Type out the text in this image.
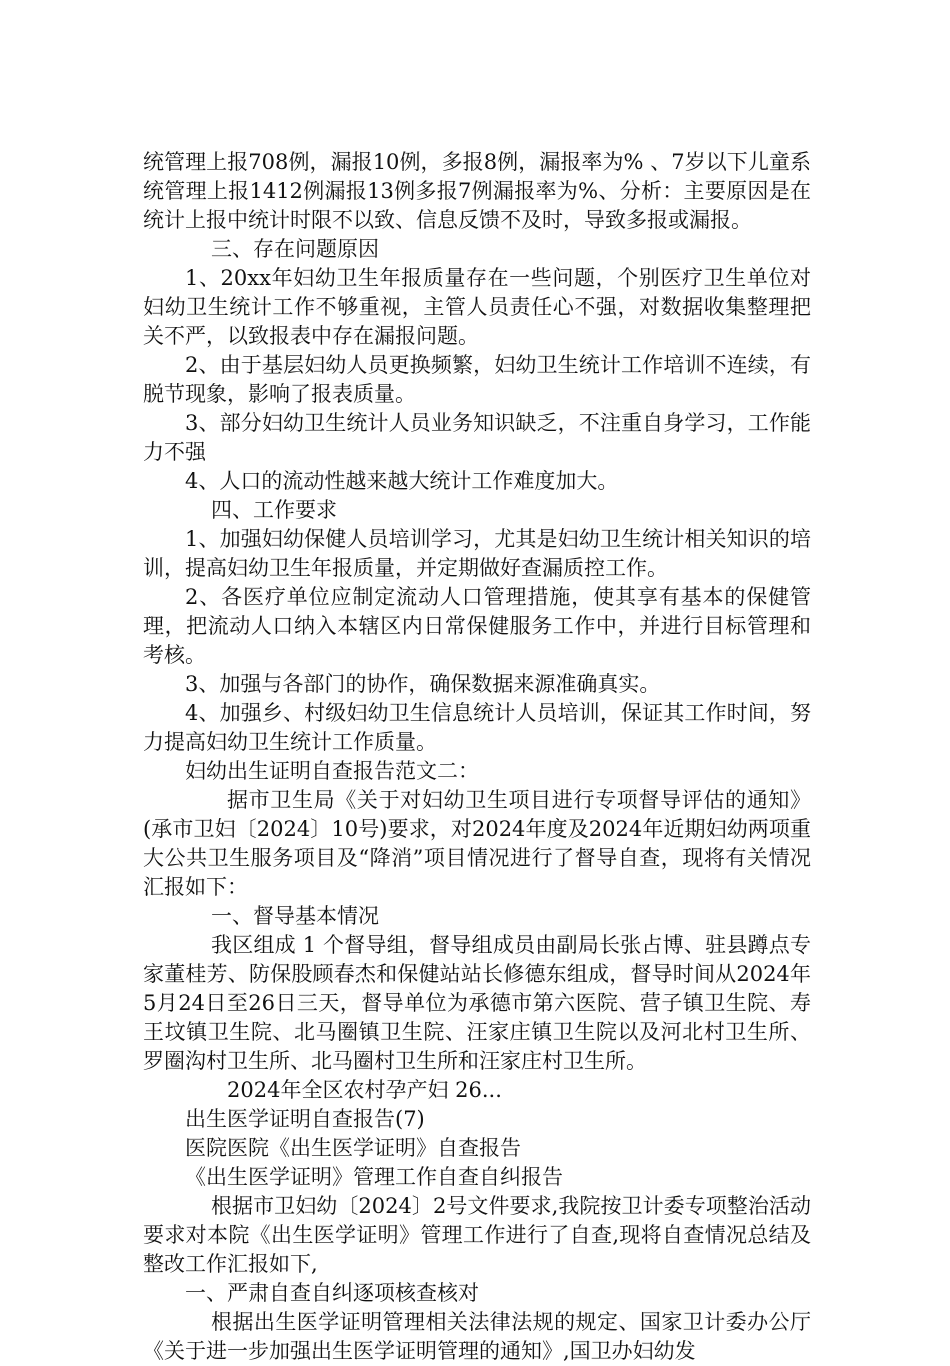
统管理上报708例，漏报10例，多报8例，漏报率为% 、7岁以下儿童系统管理上报1412例漏报13例多报7例漏报率为%、分析：主要原因是在统计上报中统计时限不以致、信息反馈不及时，导致多报或漏报。

三、存在问题原因

1、20xx年妇幼卫生年报质量存在一些问题，个别医疗卫生单位对妇幼卫生统计工作不够重视，主管人员责任心不强，对数据收集整理把关不严，以致报表中存在漏报问题。

2、由于基层妇幼人员更换频繁，妇幼卫生统计工作培训不连续，有脱节现象，影响了报表质量。

3、部分妇幼卫生统计人员业务知识缺乏，不注重自身学习，工作能力不强

4、人口的流动性越来越大统计工作难度加大。

四、工作要求

1、加强妇幼保健人员培训学习，尤其是妇幼卫生统计相关知识的培训，提高妇幼卫生年报质量，并定期做好查漏质控工作。

2、各医疗单位应制定流动人口管理措施，使其享有基本的保健管理，把流动人口纳入本辖区内日常保健服务工作中，并进行目标管理和考核。

3、加强与各部门的协作，确保数据来源准确真实。

4、加强乡、村级妇幼卫生信息统计人员培训，保证其工作时间，努力提高妇幼卫生统计工作质量。

妇幼出生证明自查报告范文二：

据市卫生局《关于对妇幼卫生项目进行专项督导评估的通知》(承市卫妇〔2024〕10号)要求，对2024年度及2024年近期妇幼两项重大公共卫生服务项目及“降消”项目情况进行了督导自查，现将有关情况汇报如下：

一、督导基本情况

我区组成 1 个督导组，督导组成员由副局长张占博、驻县蹲点专家董桂芳、防保股顾春杰和保健站站长修德东组成，督导时间从2024年5月24日至26日三天，督导单位为承德市第六医院、营子镇卫生院、寿王坟镇卫生院、北马圈镇卫生院、汪家庄镇卫生院以及河北村卫生所、罗圈沟村卫生所、北马圈村卫生所和汪家庄村卫生所。

2024年全区农村孕产妇 26...

出生医学证明自查报告(7)

医院医院《出生医学证明》自查报告

《出生医学证明》管理工作自查自纠报告

根据市卫妇幼〔2024〕2号文件要求,我院按卫计委专项整治活动要求对本院《出生医学证明》管理工作进行了自查,现将自查情况总结及整改工作汇报如下,

一、严肃自查自纠逐项核查核对

根据出生医学证明管理相关法律法规的规定、国家卫计委办公厅《关于进一步加强出生医学证明管理的通知》,国卫办妇幼发
